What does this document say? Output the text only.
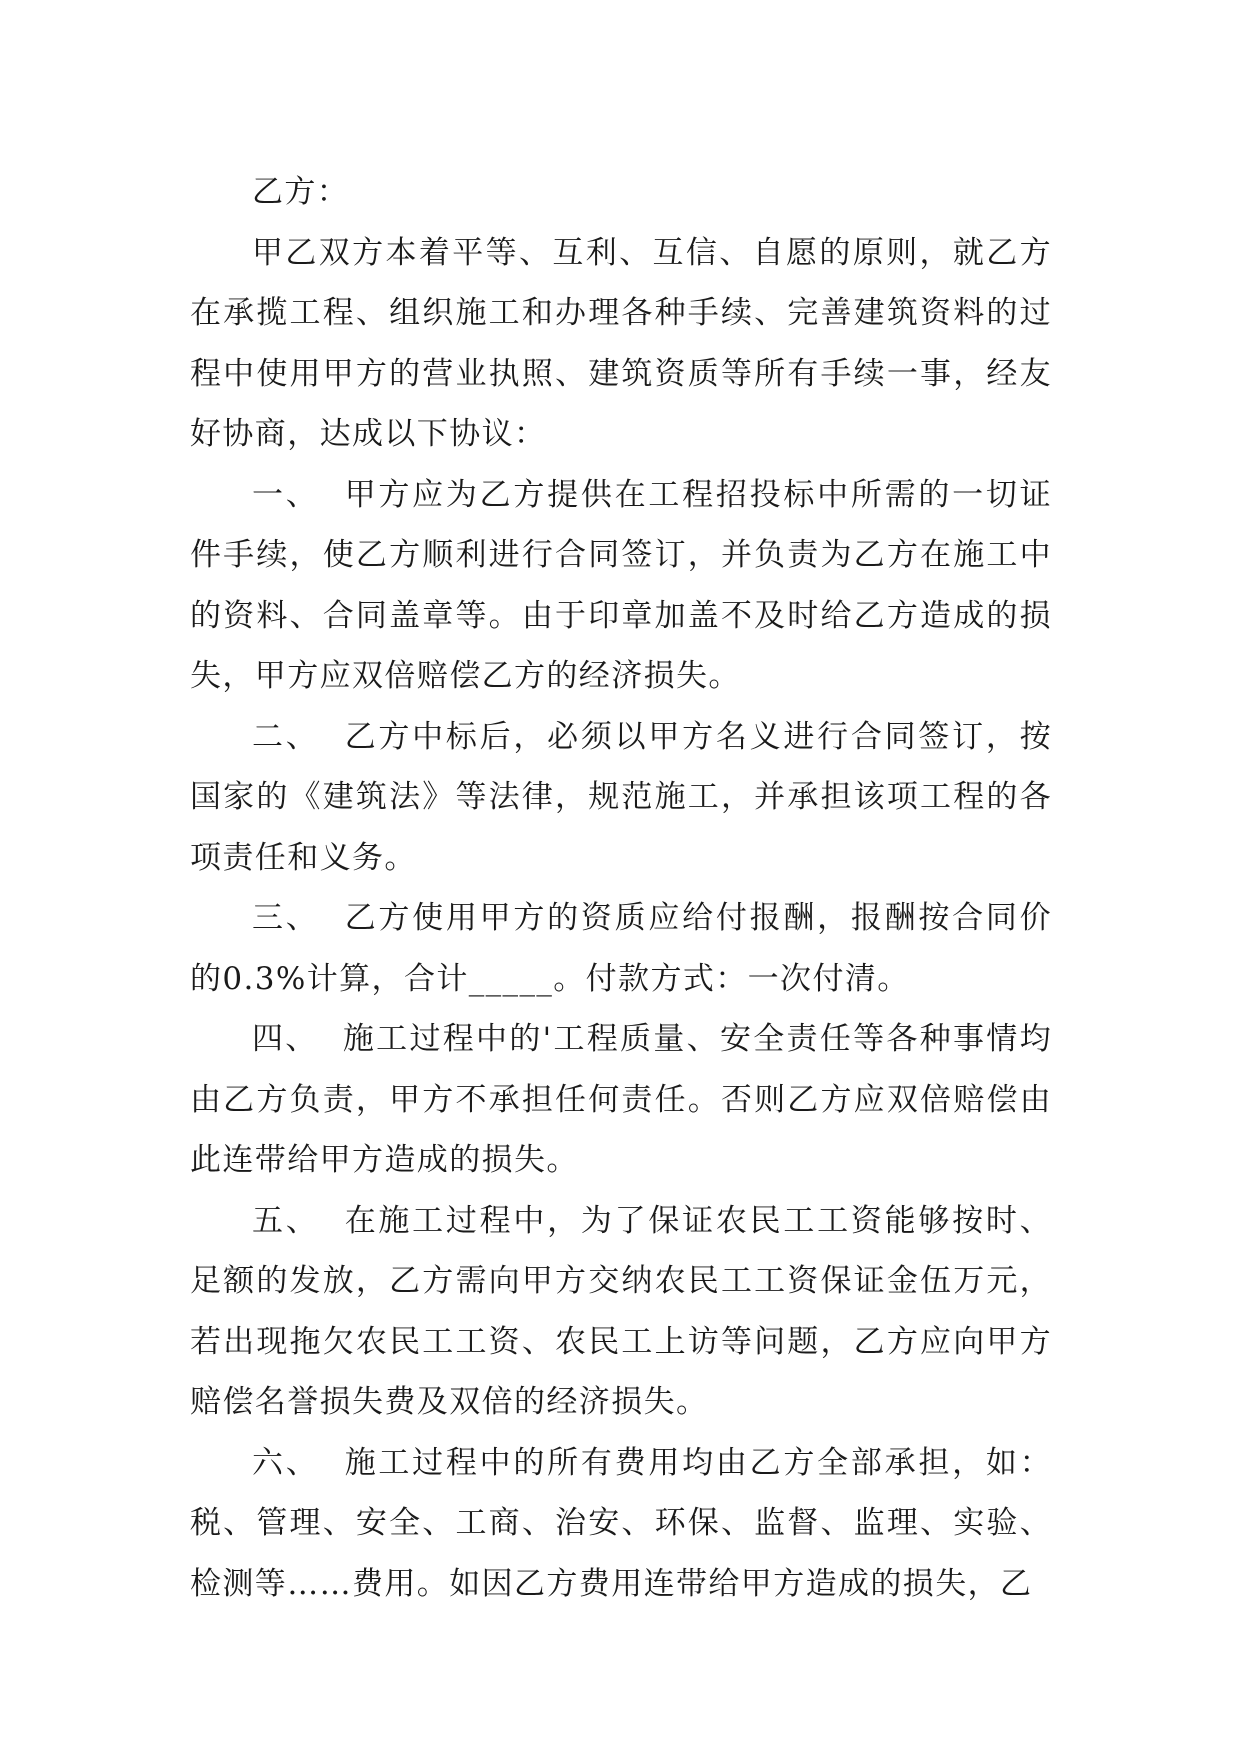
乙方：

甲乙双方本着平等、互利、互信、自愿的原则，就乙方在承揽工程、组织施工和办理各种手续、完善建筑资料的过程中使用甲方的营业执照、建筑资质等所有手续一事，经友好协商，达成以下协议：

一、  甲方应为乙方提供在工程招投标中所需的一切证件手续，使乙方顺利进行合同签订，并负责为乙方在施工中的资料、合同盖章等。由于印章加盖不及时给乙方造成的损失，甲方应双倍赔偿乙方的经济损失。

二、  乙方中标后，必须以甲方名义进行合同签订，按国家的《建筑法》等法律，规范施工，并承担该项工程的各项责任和义务。

三、  乙方使用甲方的资质应给付报酬，报酬按合同价的0.3%计算，合计_____。付款方式：一次付清。

四、  施工过程中的'工程质量、安全责任等各种事情均由乙方负责，甲方不承担任何责任。否则乙方应双倍赔偿由此连带给甲方造成的损失。

五、  在施工过程中，为了保证农民工工资能够按时、足额的发放，乙方需向甲方交纳农民工工资保证金伍万元，若出现拖欠农民工工资、农民工上访等问题，乙方应向甲方赔偿名誉损失费及双倍的经济损失。

六、  施工过程中的所有费用均由乙方全部承担，如：税、管理、安全、工商、治安、环保、监督、监理、实验、检测等……费用。如因乙方费用连带给甲方造成的损失，乙
